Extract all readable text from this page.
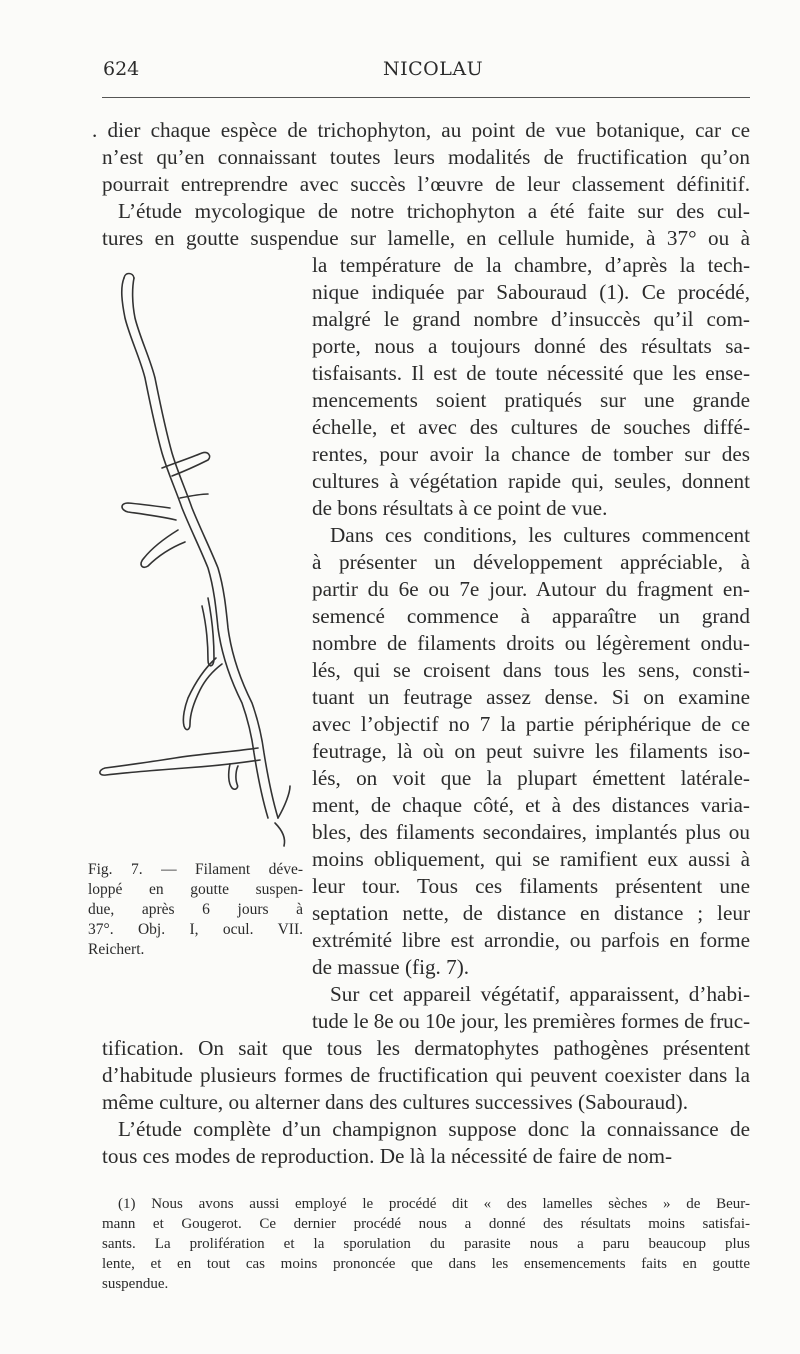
624	NICOLAU
. dier chaque espèce de trichophyton, au point de vue botanique, car ce
n’est qu’en connaissant toutes leurs modalités de fructification qu’on
pourrait entreprendre avec succès l’œuvre de leur classement définitif.
L’étude mycologique de notre trichophyton a été faite sur des cul-
tures en goutte suspendue sur lamelle, en cellule humide, à 37° ou à
la température de la chambre, d’après la tech-
nique indiquée par Sabouraud (1). Ce procédé,
malgré le grand nombre d’insuccès qu’il com-
porte, nous a toujours donné des résultats sa-
tisfaisants. Il est de toute nécessité que les ense-
mencements soient pratiqués sur une grande
échelle, et avec des cultures de souches diffé-
rentes, pour avoir la chance de tomber sur des
cultures à végétation rapide qui, seules, donnent
de bons résultats à ce point de vue.
Dans ces conditions, les cultures commencent
à présenter un développement appréciable, à
partir du 6e ou 7e jour. Autour du fragment en-
semencé commence à apparaître un grand
nombre de filaments droits ou légèrement ondu-
lés, qui se croisent dans tous les sens, consti-
tuant un feutrage assez dense. Si on examine
avec l’objectif no 7 la partie périphérique de ce
feutrage, là où on peut suivre les filaments iso-
lés, on voit que la plupart émettent latérale-
ment, de chaque côté, et à des distances varia-
bles, des filaments secondaires, implantés plus ou
moins obliquement, qui se ramifient eux aussi à
leur tour. Tous ces filaments présentent une
septation nette, de distance en distance ; leur
extrémité libre est arrondie, ou parfois en forme
de massue (fig. 7).
Sur cet appareil végétatif, apparaissent, d’habi-
tude le 8e ou 10e jour, les premières formes de fruc-
tification. On sait que tous les dermatophytes pathogènes présentent
d’habitude plusieurs formes de fructification qui peuvent coexister dans la
même culture, ou alterner dans des cultures successives (Sabouraud).
L’étude complète d’un champignon suppose donc la connaissance de
tous ces modes de reproduction. De là la nécessité de faire de nom-
Fig. 7. — Filament déve-
loppé en goutte suspen-
due, après 6 jours à
37°. Obj. I, ocul. VII.
Reichert.
(1) Nous avons aussi employé le procédé dit « des lamelles sèches » de Beur-
mann et Gougerot. Ce dernier procédé nous a donné des résultats moins satisfai-
sants. La prolifération et la sporulation du parasite nous a paru beaucoup plus
lente, et en tout cas moins prononcée que dans les ensemencements faits en goutte
suspendue.
